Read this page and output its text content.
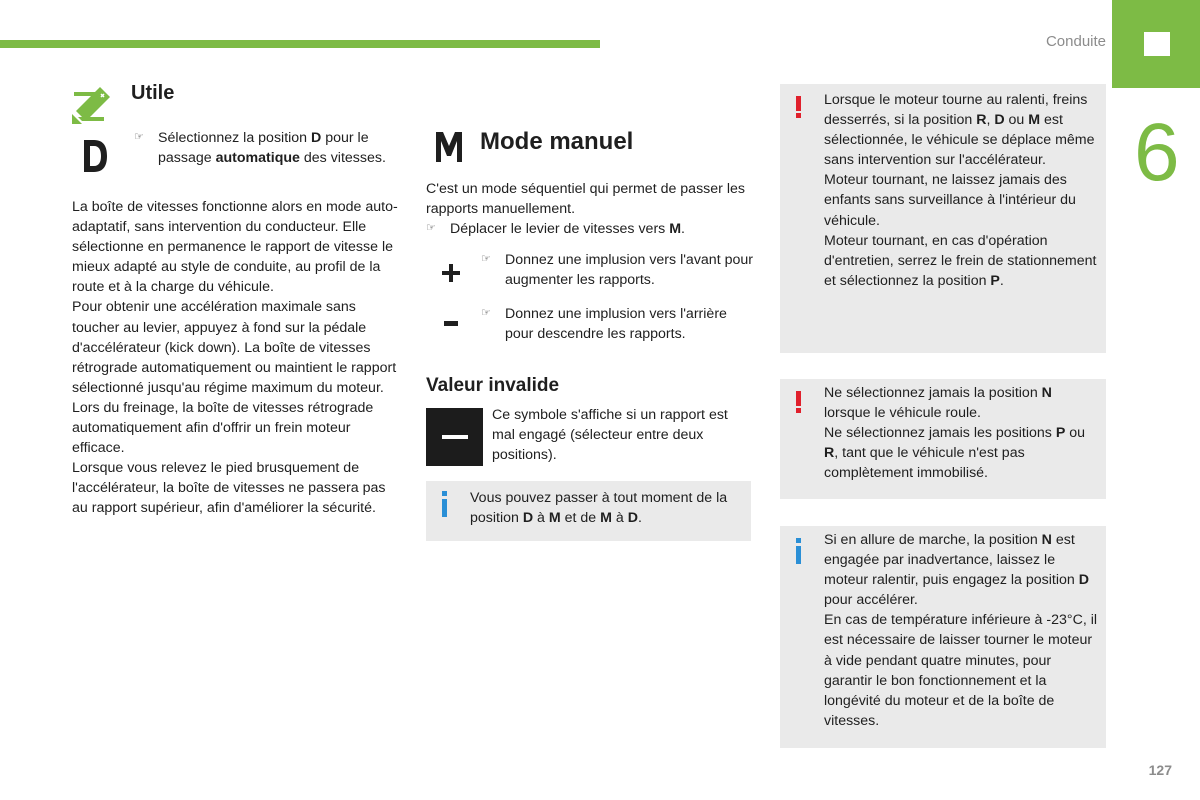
Conduite
6
127
Utile
☞ Sélectionnez la position D pour le passage automatique des vitesses.

La boîte de vitesses fonctionne alors en mode auto-adaptatif, sans intervention du conducteur. Elle sélectionne en permanence le rapport de vitesse le mieux adapté au style de conduite, au profil de la route et à la charge du véhicule.

Pour obtenir une accélération maximale sans toucher au levier, appuyez à fond sur la pédale d'accélérateur (kick down). La boîte de vitesses rétrograde automatiquement ou maintient le rapport sélectionné jusqu'au régime maximum du moteur.

Lors du freinage, la boîte de vitesses rétrograde automatiquement afin d'offrir un frein moteur efficace.

Lorsque vous relevez le pied brusquement de l'accélérateur, la boîte de vitesses ne passera pas au rapport supérieur, afin d'améliorer la sécurité.

Mode manuel

C'est un mode séquentiel qui permet de passer les rapports manuellement.

☞ Déplacer le levier de vitesses vers M.

☞ Donnez une implusion vers l'avant pour augmenter les rapports.

☞ Donnez une implusion vers l'arrière pour descendre les rapports.

Valeur invalide

Ce symbole s'affiche si un rapport est mal engagé (sélecteur entre deux positions).

Vous pouvez passer à tout moment de la position D à M et de M à D.

Lorsque le moteur tourne au ralenti, freins desserrés, si la position R, D ou M est sélectionnée, le véhicule se déplace même sans intervention sur l'accélérateur.

Moteur tournant, ne laissez jamais des enfants sans surveillance à l'intérieur du véhicule.

Moteur tournant, en cas d'opération d'entretien, serrez le frein de stationnement et sélectionnez la position P.

Ne sélectionnez jamais la position N lorsque le véhicule roule.

Ne sélectionnez jamais les positions P ou R, tant que le véhicule n'est pas complètement immobilisé.

Si en allure de marche, la position N est engagée par inadvertance, laissez le moteur ralentir, puis engagez la position D pour accélérer.

En cas de température inférieure à -23°C, il est nécessaire de laisser tourner le moteur à vide pendant quatre minutes, pour garantir le bon fonctionnement et la longévité du moteur et de la boîte de vitesses.
